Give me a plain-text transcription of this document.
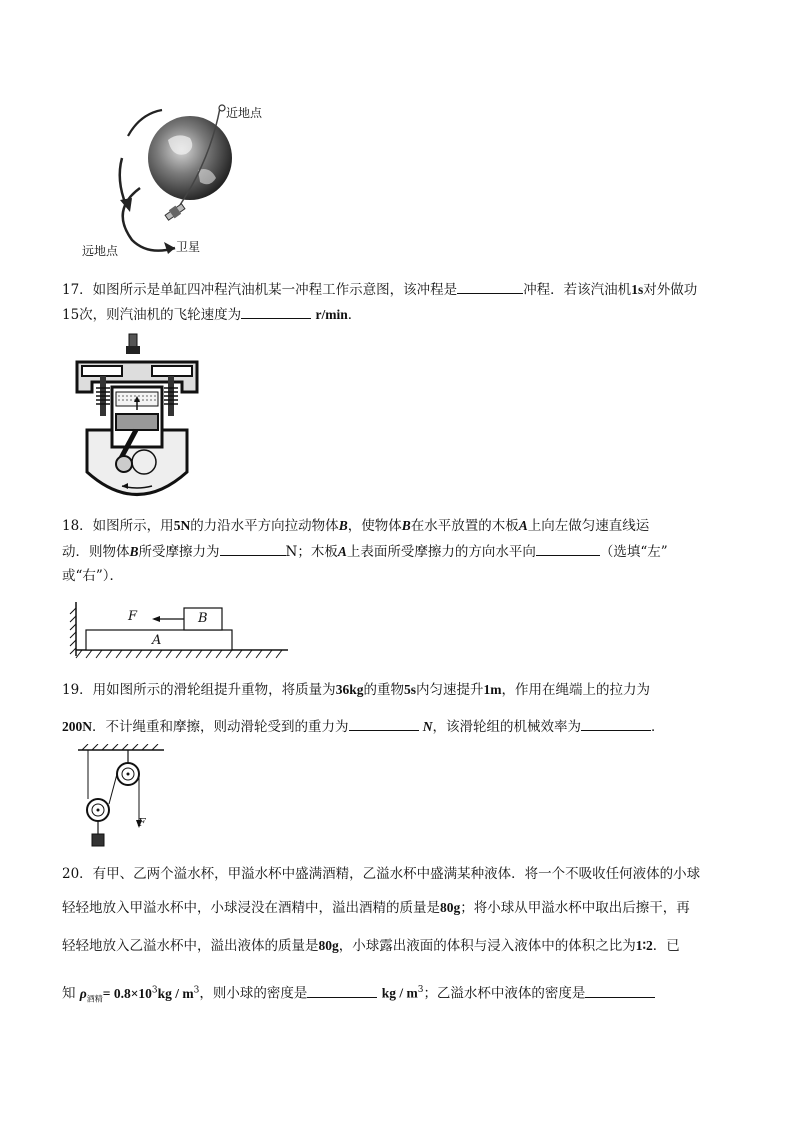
近地点
远地点	卫星
17．如图所示是单缸四冲程汽油机某一冲程工作示意图，该冲程是	冲程．若该汽油机1s对外做功
15次，则汽油机的飞轮速度为	r/min．
18．如图所示，用5N的力沿水平方向拉动物体B，使物体B在水平放置的木板A上向左做匀速直线运
动．则物体B所受摩擦力为	N；木板A上表面所受摩擦力的方向水平向	（选填“左”
或“右”）．
F	B
A
19．用如图所示的滑轮组提升重物，将质量为36kg的重物5s内匀速提升1m，作用在绳端上的拉力为
200N．不计绳重和摩擦，则动滑轮受到的重力为	N，该滑轮组的机械效率为	．
F
20．有甲、乙两个溢水杯，甲溢水杯中盛满酒精，乙溢水杯中盛满某种液体．将一个不吸收任何液体的小球
轻轻地放入甲溢水杯中，小球浸没在酒精中，溢出酒精的质量是80g；将小球从甲溢水杯中取出后擦干，再
轻轻地放入乙溢水杯中，溢出液体的质量是80g，小球露出液面的体积与浸入液体中的体积之比为1∶2．已
知 $\rho_{酒精}= 0.8\times 10^3kg / m^3$，则小球的密度是	kg / $m^3$；乙溢水杯中液体的密度是
